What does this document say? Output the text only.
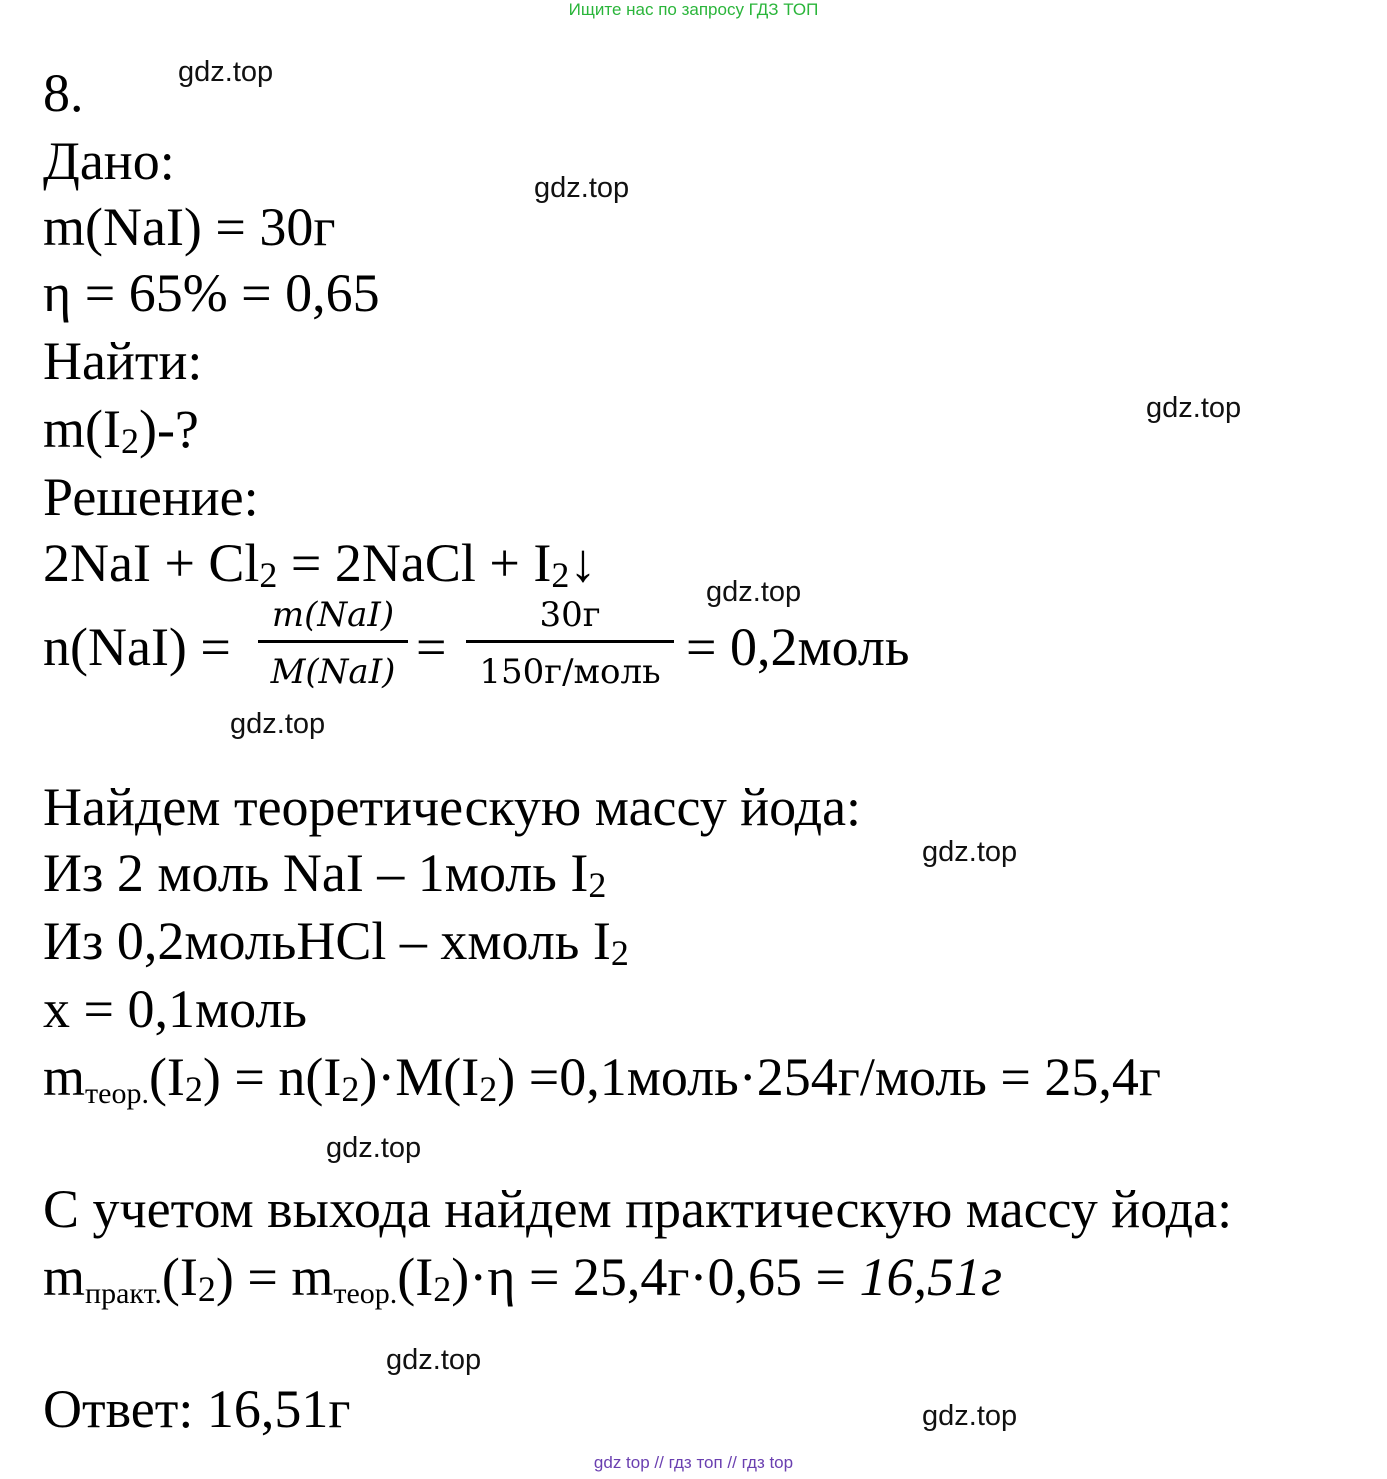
Ищите нас по запросу ГДЗ ТОП
gdz.top
gdz.top
gdz.top
gdz.top
gdz.top
gdz.top
gdz.top
gdz.top
gdz.top
8.
Дано:
m(NaI) = 30г
η = 65% = 0,65
Найти:
m(I2)-?
Решение:
2NaI + Cl2 = 2NaCl + I2↓
n(NaI) =
m(NaI)
M(NaI) =
30г
150г/моль = 0,2моль
Найдем теоретическую массу йода:
Из 2 моль NaI – 1моль I2
Из 0,2мольHCl – xмоль I2
x = 0,1моль
mтеор.(I2) = n(I2)·M(I2) =0,1моль·254г/моль = 25,4г
С учетом выхода найдем практическую массу йода:
mпракт.(I2) = mтеор.(I2)·η = 25,4г·0,65 = 16,51г
Ответ: 16,51г
gdz top // гдз топ // гдз top
